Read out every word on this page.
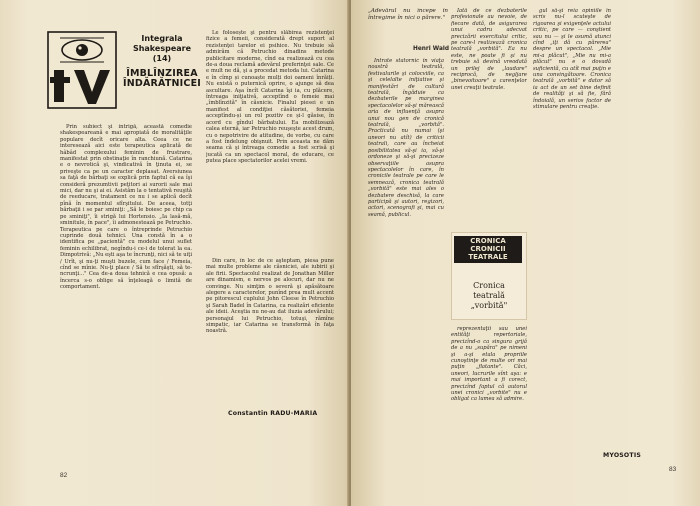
Integrala
Shakespeare
(14)
ÎMBLÎNZIREA ÎNDĂRĂTNICEI

Prin subiect şi intrigă, această comedie shakespeareană e mai apropiată de moralităţile populare decît oricare alta. Ceea ce ne interesează aici este terapeutica aplicată de hâbâd complexului feminin de frustrare, manifestat prin obstinaţie în ranchiună. Catarina e o nevrotică şi, vindicativă în ţinuta ei, se priveşte ca pe un caracter deplasat. Aversiunea sa faţă de bărbaţi se explică prin faptul că ea îşi consideră prezumtivii peţitori ai surorii sale mai mici, dar nu şi ai ei. Asistăm la o tentativă reuşită de reeducare, tratament ce nu i se aplică decît pînă în momentul sfîrşitului. De aceea, totţi bărbaţii i se par sminiţi: „Să le boiesc pe chip ca pe sminiţi", îi strigă lui Hortensio. „Ia lasă-mă, sminitule, în pace", îi admonestează pe Petruchio. Terapeutica pe care o întreprinde Petruchio cuprinde două tehnici. Una constă în a o identifica pe „pacientă" cu modelul unui suflet feminin echilibrat, negîndu-i ce-i de tolerat la ea. Dimpotrivă: „Nu eşti aşa te încrunţi, nici să te uiţi / Urît, şi nu-ţi muşti buzele, cum face / Femeia, cînd se mînie. Nu-ţi place / Să te sfîrşăşti, să te-ncrunţi..." Cea de-a doua tehnică e cea opusă: a încerca s-o oblige să înţeleagă o limită de comportament.

Le folosește şi pentru slăbirea rezistenţei fizice a femeii, considerată drept suport al rezistenţei tarelor ei psihice. Nu trebuie să admirăm că Petruchio dinadins metode publicitare moderne, cînd ea realizează cu cea de-a doua reclamă adevărul preferinţei sale. Ce e mult ne dă, şi a procedat metoda lui. Catarina e în cîmp și cunoaște mulți doi oameni înrăiți. Nu există o puternică oprire, o ajunge să dea ascultare. Aşa încît Catarina îşi ia, cu plăcere, întreaga iniţiativă, acceptînd o femeie mai „îmblînzită" în căsnicie. Finalul piesei e un manifest al condiţiei căsătoriei, femeia acceptîndu-și un rol pozitiv ce și-l găsise, în acord cu gîndul bărbatului. Ea mobilizează calea eternă, iar Petruchio reuşeşte acest drum, cu o nepotrivire de atitudine, de vorbe, cu care a fost îndelung obişnuit. Prin aceasta ne dăm seama că şi întreaga comedie a fost scrisă şi jucată ca un spectacol moral, de educare, ce putea place spectatorilor acelei vremi.

Din care, în loc de ce aşteptam, piesa pune mai multe probleme ale căsniciei, ale iubirii şi ale firii. Spectacolul realizat de Jonathan Miller are dinamism, e nervos pe alocuri, dar nu ne convinge. Nu simţim o severă şi apăsătoare alegere a caracterelor, punînd prea mult accent pe pitorescul cuplului John Cleese în Petruchio şi Sarah Badel în Catarina, ca realizări eficiente ale ideii. Aceştia nu ne-au dat iluzia adevărului; personajul lui Petruchio, totuşi, rămîne simpatic, iar Catarina se transformă în faţa noastră.

Constantin RADU-MARIA
82
„Adevărul nu începe în întregime în nici o părere."
Henri Wald

Intrate statornic în viaţa noastră teatrală, festivalurile şi colocviile, ca şi celelalte iniţiative şi manifestări de cultură teatrală, îngăduie ca dezbaterile pe marginea spectacolelor să-şi mărească aria de influenţă asupra unui nou gen de cronică teatrală, „vorbită". Practicată nu numai (şi uneori nu atît) de criticii teatrali, care au încheiat posibilitatea să-şi ia, să-şi ordoneze şi să-şi precizeze observaţiile asupra spectacolelor în care, în cronicile teatrale pe care le semnează, cronica teatrală „vorbită" este mai ales o dezbatere deschisă, la care participă şi autori, regizori, actori, scenografi şi, mai cu seamă, publicul.

Iată de ce dezbaterile profesionale au nevoie, de fiecare dată, de asigurarea unui cadru adecvat precizării exercitului critic, pe care-l realizează cronica teatrală „vorbită". Ea nu este, ne poate fi şi nu trebuie să devină vreodată un prilej de „laudare" reciprocă, de negljare „binevoitoare" a carenţelor unei creaţii teatrale.

CRONICA
CRONICII
TEATRALE
Cronica
teatrală
„vorbită"

reprezentaţii sau unei entităţi repertoriale, precizînd-o ca singura grijă de a nu „supăra" pe nimeni şi a-şi etala propriile cunoştinţe de multe ori mai puţin „flatante". Căci, uneori, lucrurile sînt aşa: e mai important a fi corect, precizînd faptul că autorul unei cronici „vorbite" nu e obligat ca lumea să admire.

gul să-şi reia opiniile în scris nu-l scuteşte de rigoarea şi exigenţele actului critic, pe care — conştient sau nu — şi le asumă atunci cînd „iţi dă cu părerea" despre un spectacol. „Mie mi-a plăcut", „Mie nu mi-a plăcut" nu e o dovadă suficientă, cu atît mai puţin e una convingătoare. Cronica teatrală „vorbită" e dator să ia act de un set bine definit de realităţi şi să fie, fără îndoială, un serios factor de stimulare pentru creaţie.

MYOSOTIS
83
